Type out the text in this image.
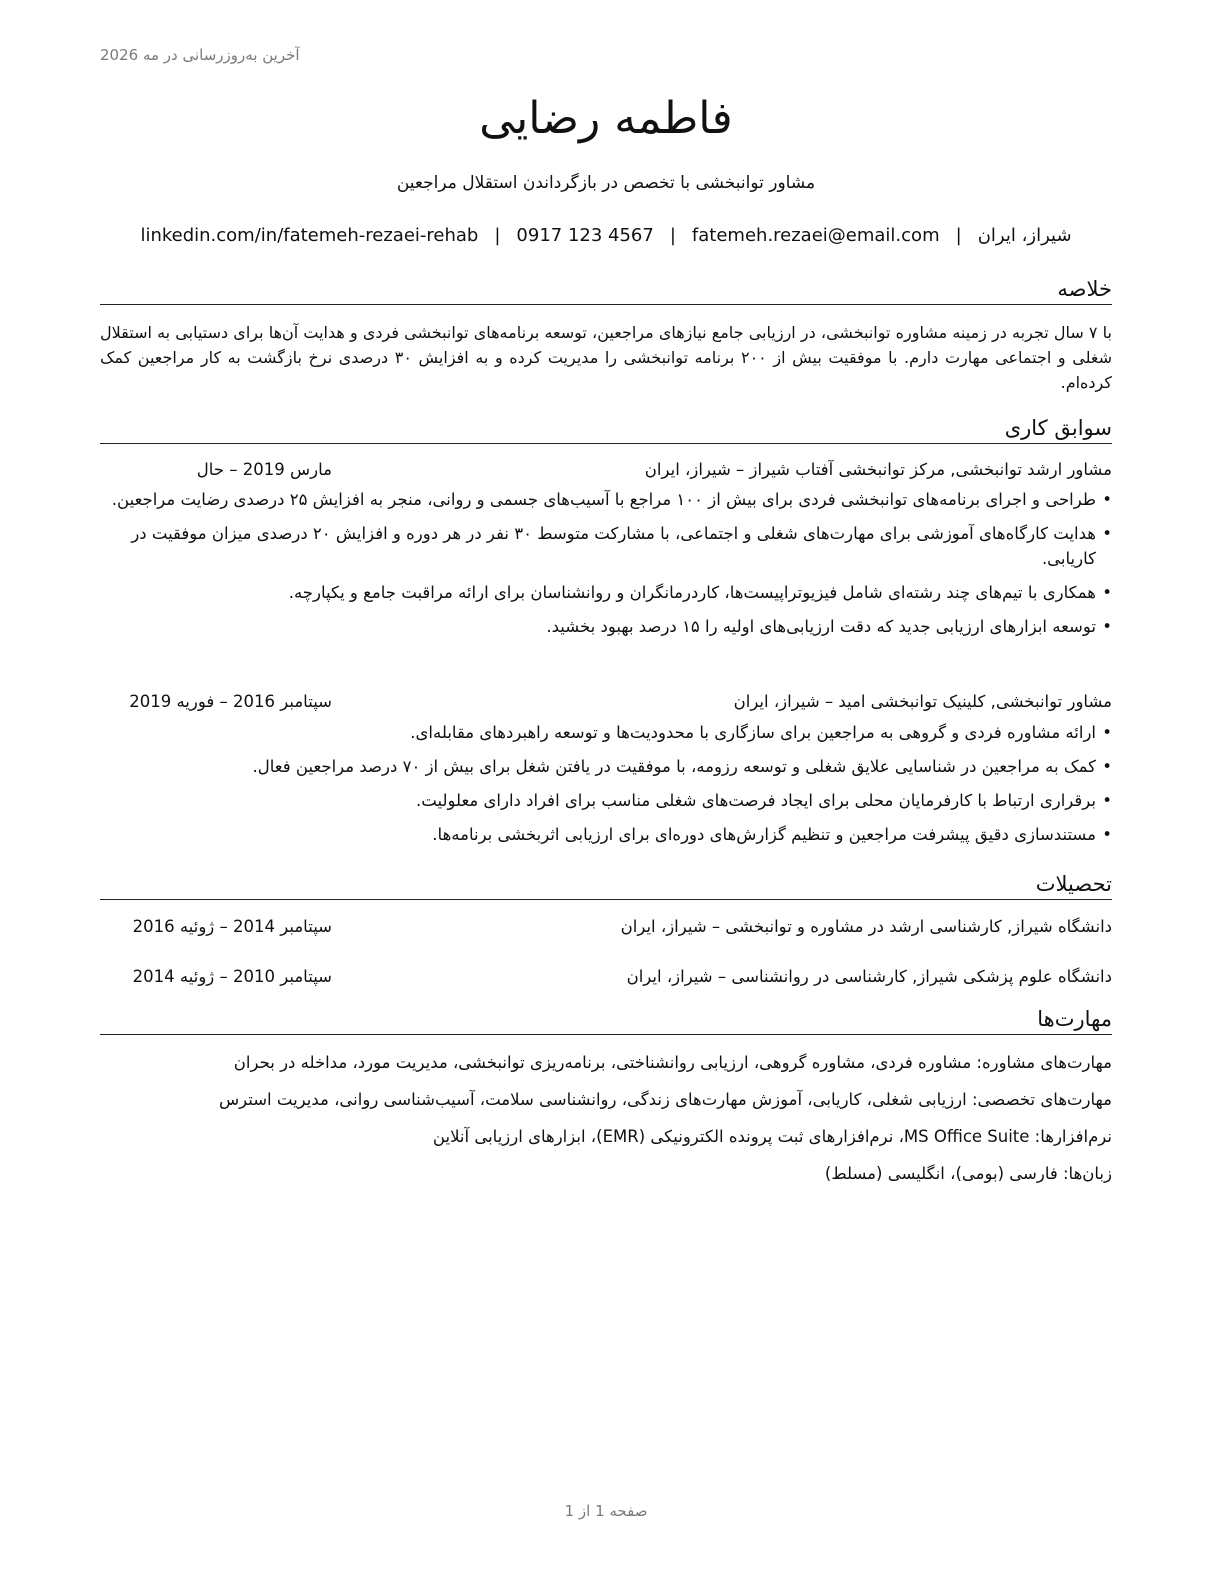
آخرین به‌روزرسانی در مه 2026
فاطمه رضایی
مشاور توانبخشی با تخصص در بازگرداندن استقلال مراجعین
شیراز، ایران|fatemeh.rezaei@email.com|0917 123 4567|linkedin.com/in/fatemeh-rezaei-rehab
خلاصه
با ۷ سال تجربه در زمینه مشاوره توانبخشی، در ارزیابی جامع نیازهای مراجعین، توسعه برنامه‌های توانبخشی فردی و هدایت آن‌ها برای دستیابی به استقلال شغلی و اجتماعی مهارت دارم. با موفقیت بیش از ۲۰۰ برنامه توانبخشی را مدیریت کرده و به افزایش ۳۰ درصدی نرخ بازگشت به کار مراجعین کمک کرده‌ام.
سوابق کاری
مشاور ارشد توانبخشی, مرکز توانبخشی آفتاب شیراز – شیراز، ایران
مارس 2019 – حال
• طراحی و اجرای برنامه‌های توانبخشی فردی برای بیش از ۱۰۰ مراجع با آسیب‌های جسمی و روانی، منجر به افزایش ۲۵ درصدی رضایت مراجعین.
• هدایت کارگاه‌های آموزشی برای مهارت‌های شغلی و اجتماعی، با مشارکت متوسط ۳۰ نفر در هر دوره و افزایش ۲۰ درصدی میزان موفقیت در کاریابی.
• همکاری با تیم‌های چند رشته‌ای شامل فیزیوتراپیست‌ها، کاردرمانگران و روانشناسان برای ارائه مراقبت جامع و یکپارچه.
• توسعه ابزارهای ارزیابی جدید که دقت ارزیابی‌های اولیه را ۱۵ درصد بهبود بخشید.
مشاور توانبخشی, کلینیک توانبخشی امید – شیراز، ایران
سپتامبر 2016 – فوریه 2019
• ارائه مشاوره فردی و گروهی به مراجعین برای سازگاری با محدودیت‌ها و توسعه راهبردهای مقابله‌ای.
• کمک به مراجعین در شناسایی علایق شغلی و توسعه رزومه، با موفقیت در یافتن شغل برای بیش از ۷۰ درصد مراجعین فعال.
• برقراری ارتباط با کارفرمایان محلی برای ایجاد فرصت‌های شغلی مناسب برای افراد دارای معلولیت.
• مستندسازی دقیق پیشرفت مراجعین و تنظیم گزارش‌های دوره‌ای برای ارزیابی اثربخشی برنامه‌ها.
تحصیلات
دانشگاه شیراز, کارشناسی ارشد در مشاوره و توانبخشی – شیراز، ایران
سپتامبر 2014 – ژوئیه 2016
دانشگاه علوم پزشکی شیراز, کارشناسی در روانشناسی – شیراز، ایران
سپتامبر 2010 – ژوئیه 2014
مهارت‌ها
مهارت‌های مشاوره: مشاوره فردی، مشاوره گروهی، ارزیابی روانشناختی، برنامه‌ریزی توانبخشی، مدیریت مورد، مداخله در بحران
مهارت‌های تخصصی: ارزیابی شغلی، کاریابی، آموزش مهارت‌های زندگی، روانشناسی سلامت، آسیب‌شناسی روانی، مدیریت استرس
نرم‌افزارها: MS Office Suite، نرم‌افزارهای ثبت پرونده الکترونیکی (EMR)، ابزارهای ارزیابی آنلاین
زبان‌ها: فارسی (بومی)، انگلیسی (مسلط)
صفحه 1 از 1
